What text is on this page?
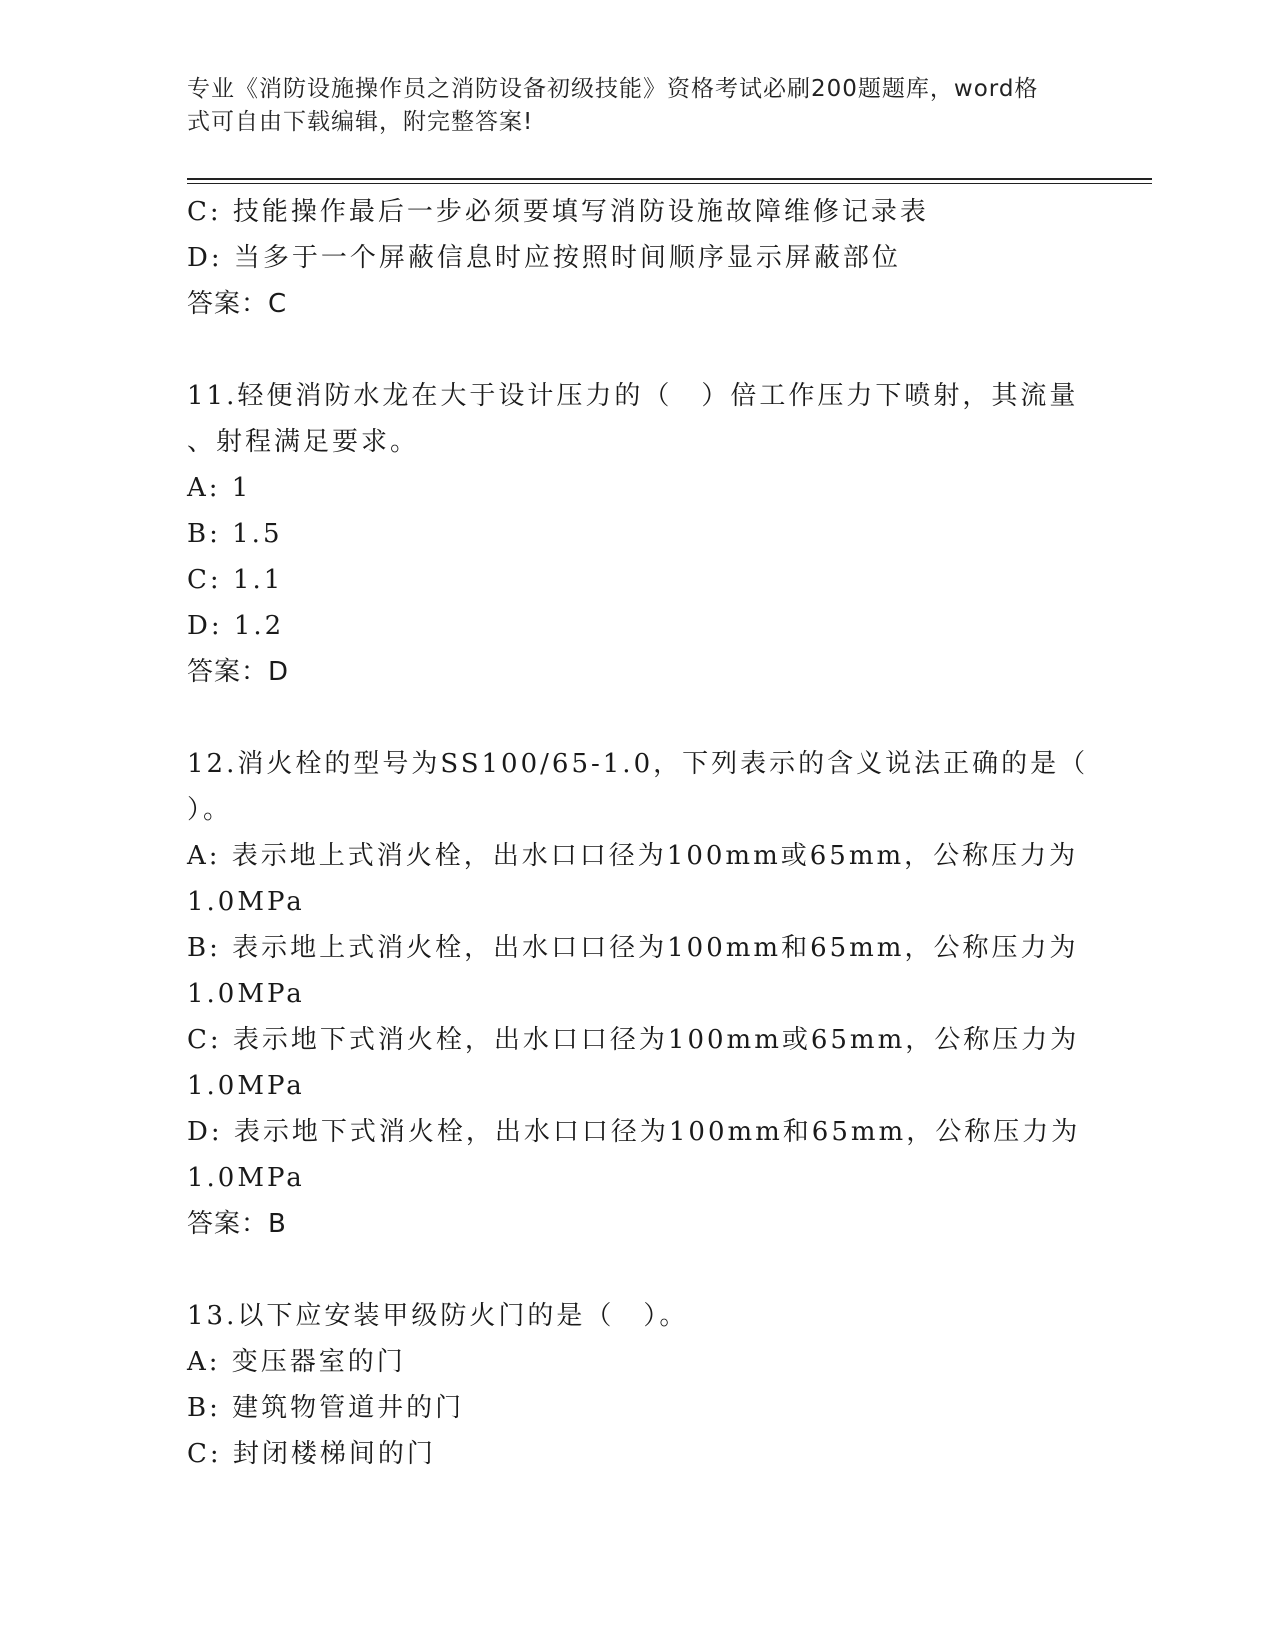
专业《消防设施操作员之消防设备初级技能》资格考试必刷200题题库，word格
式可自由下载编辑，附完整答案!
C: 技能操作最后一步必须要填写消防设施故障维修记录表
D: 当多于一个屏蔽信息时应按照时间顺序显示屏蔽部位
答案：C
11.轻便消防水龙在大于设计压力的（　）倍工作压力下喷射，其流量
、射程满足要求。
A: 1
B: 1.5
C: 1.1
D: 1.2
答案：D
12.消火栓的型号为SS100/65-1.0，下列表示的含义说法正确的是（
）。
A: 表示地上式消火栓，出水口口径为100mm或65mm，公称压力为
1.0MPa
B: 表示地上式消火栓，出水口口径为100mm和65mm，公称压力为
1.0MPa
C: 表示地下式消火栓，出水口口径为100mm或65mm，公称压力为
1.0MPa
D: 表示地下式消火栓，出水口口径为100mm和65mm，公称压力为
1.0MPa
答案：B
13.以下应安装甲级防火门的是（　）。
A: 变压器室的门
B: 建筑物管道井的门
C: 封闭楼梯间的门
